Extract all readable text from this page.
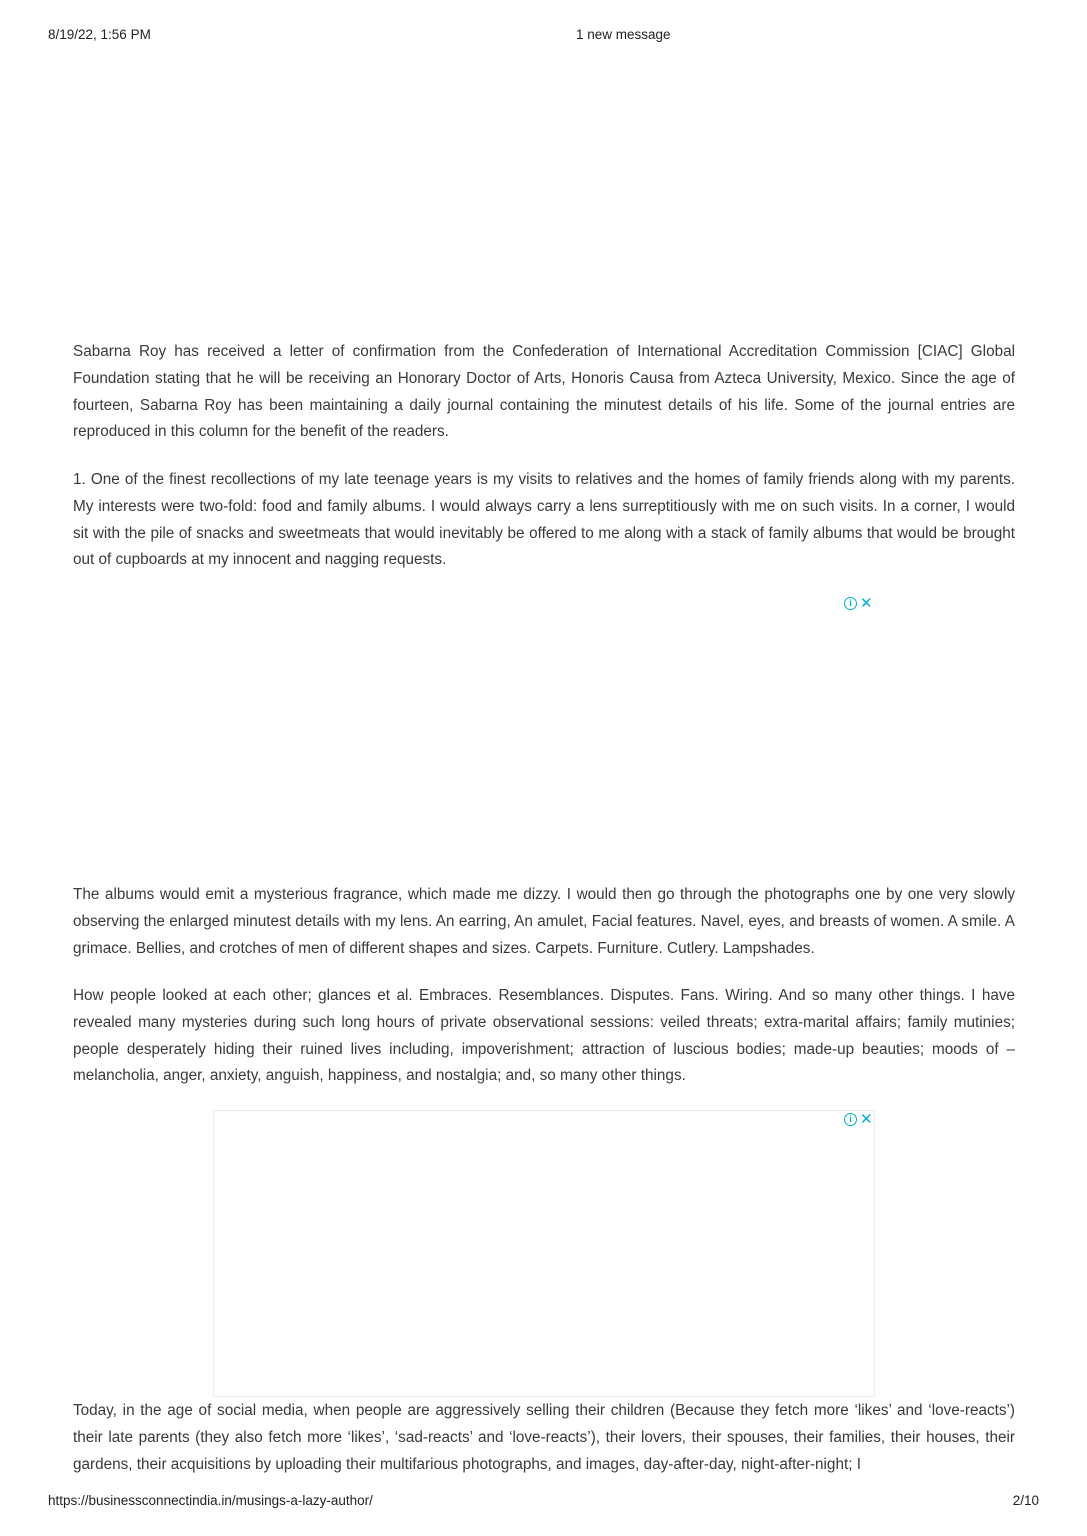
8/19/22, 1:56 PM	1 new message

Sabarna Roy has received a letter of confirmation from the Confederation of International Accreditation Commission [CIAC] Global Foundation stating that he will be receiving an Honorary Doctor of Arts, Honoris Causa from Azteca University, Mexico. Since the age of fourteen, Sabarna Roy has been maintaining a daily journal containing the minutest details of his life. Some of the journal entries are reproduced in this column for the benefit of the readers.

1. One of the finest recollections of my late teenage years is my visits to relatives and the homes of family friends along with my parents. My interests were two-fold: food and family albums. I would always carry a lens surreptitiously with me on such visits. In a corner, I would sit with the pile of snacks and sweetmeats that would inevitably be offered to me along with a stack of family albums that would be brought out of cupboards at my innocent and nagging requests.

i ✕

The albums would emit a mysterious fragrance, which made me dizzy. I would then go through the photographs one by one very slowly observing the enlarged minutest details with my lens. An earring, An amulet, Facial features. Navel, eyes, and breasts of women. A smile. A grimace. Bellies, and crotches of men of different shapes and sizes. Carpets. Furniture. Cutlery. Lampshades.

How people looked at each other; glances et al. Embraces. Resemblances. Disputes. Fans. Wiring. And so many other things. I have revealed many mysteries during such long hours of private observational sessions: veiled threats; extra-marital affairs; family mutinies; people desperately hiding their ruined lives including, impoverishment; attraction of luscious bodies; made-up beauties; moods of – melancholia, anger, anxiety, anguish, happiness, and nostalgia; and, so many other things.

i ✕

Today, in the age of social media, when people are aggressively selling their children (Because they fetch more ‘likes’ and ‘love-reacts’) their late parents (they also fetch more ‘likes’, ‘sad-reacts’ and ‘love-reacts’), their lovers, their spouses, their families, their houses, their gardens, their acquisitions by uploading their multifarious photographs, and images, day-after-day, night-after-night; I

https://businessconnectindia.in/musings-a-lazy-author/	2/10
